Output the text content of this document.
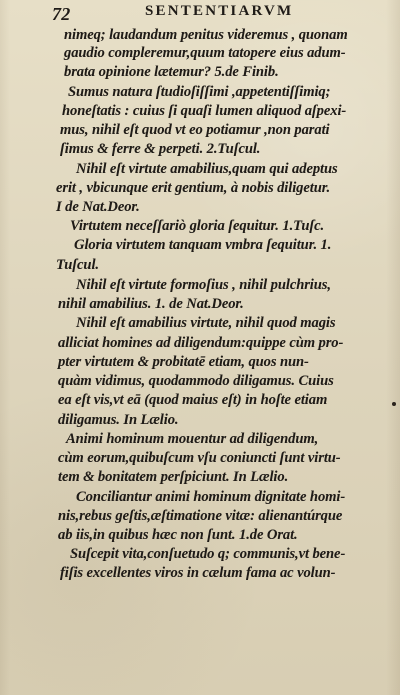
72	SENTENTIARVM
nimeq; laudandum penitus videremus , quonam
gaudio compleremur,quum tatopere eius adum-
brata opinione lætemur? 5.de Finib.
Sumus natura ſtudioſiſſimi ,appetentiſſimiq;
honeſtatis : cuius ſi quaſi lumen aliquod aſpexi-
mus, nihil eſt quod vt eo potiamur ,non parati
ſimus & ferre & perpeti. 2.Tuſcul.
Nihil eſt virtute amabilius,quam qui adeptus
erit , vbicunque erit gentium, à nobis diligetur.
I de Nat.Deor.
Virtutem neceſſariò gloria ſequitur. 1.Tuſc.
Gloria virtutem tanquam vmbra ſequitur. 1.
Tuſcul.
Nihil eſt virtute formoſius , nihil pulchrius,
nihil amabilius. 1. de Nat.Deor.
Nihil eſt amabilius virtute, nihil quod magis
alliciat homines ad diligendum:quippe cùm pro-
pter virtutem & probitatē etiam, quos nun-
quàm vidimus, quodammodo diligamus. Cuius
ea eſt vis,vt eā (quod maius eſt) in hoſte etiam
diligamus. In Lælio.
Animi hominum mouentur ad diligendum,
cùm eorum,quibuſcum vſu coniuncti ſunt virtu-
tem & bonitatem perſpiciunt. In Lælio.
Conciliantur animi hominum dignitate homi-
nis,rebus geſtis,æſtimatione vitæ: alienantúrque
ab iis,in quibus hæc non ſunt. 1.de Orat.
Suſcepit vita,conſuetudo q; communis,vt bene-
fiſis excellentes viros in cælum fama ac volun-
